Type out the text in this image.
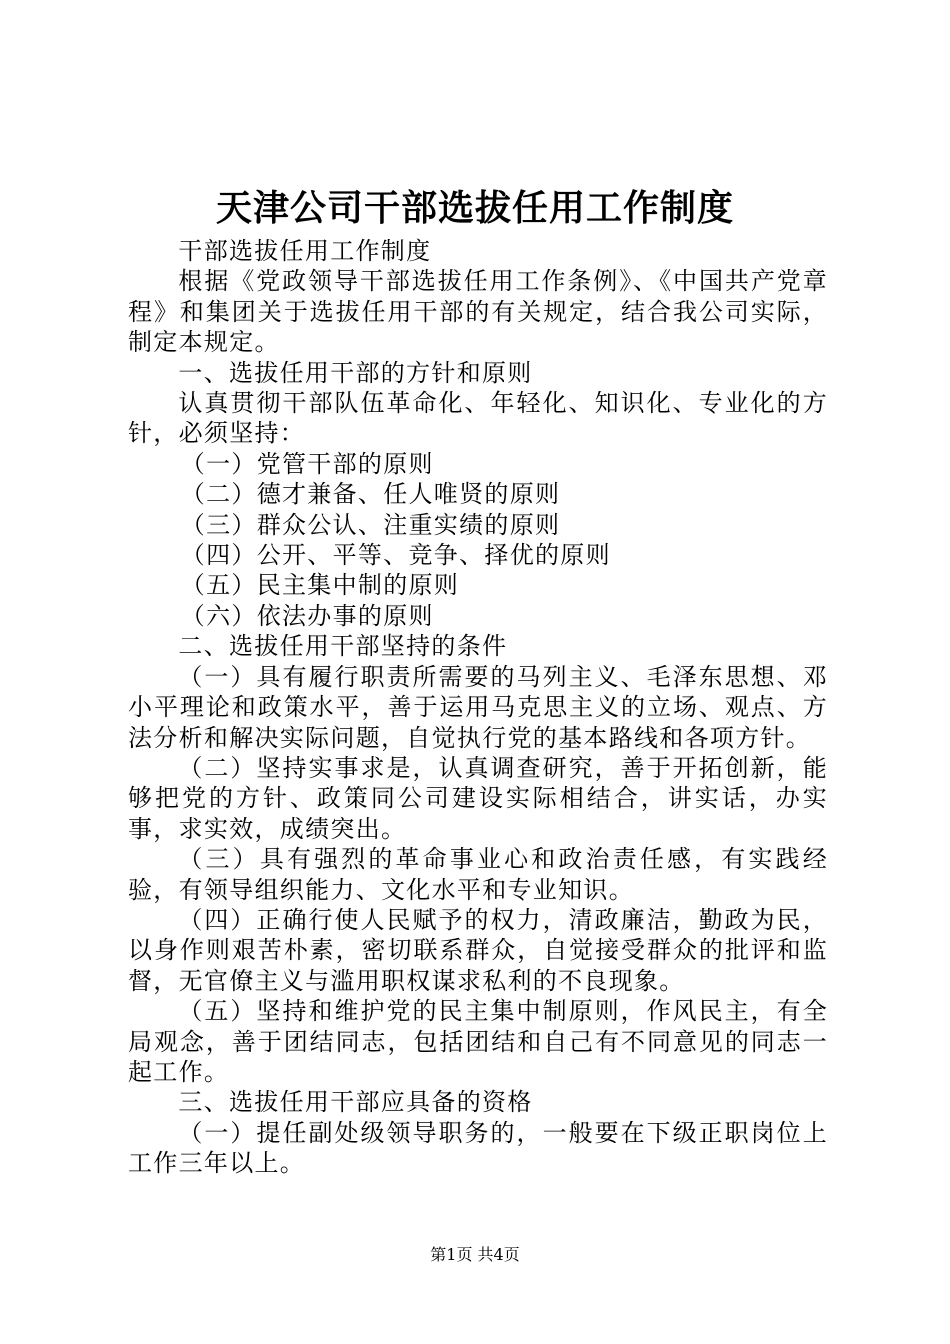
天津公司干部选拔任用工作制度

干部选拔任用工作制度

根据《党政领导干部选拔任用工作条例》、《中国共产党章程》和集团关于选拔任用干部的有关规定，结合我公司实际，制定本规定。

一、选拔任用干部的方针和原则

认真贯彻干部队伍革命化、年轻化、知识化、专业化的方针，必须坚持：

（一）党管干部的原则

（二）德才兼备、任人唯贤的原则

（三）群众公认、注重实绩的原则

（四）公开、平等、竞争、择优的原则

（五）民主集中制的原则

（六）依法办事的原则

二、选拔任用干部坚持的条件

（一）具有履行职责所需要的马列主义、毛泽东思想、邓小平理论和政策水平，善于运用马克思主义的立场、观点、方法分析和解决实际问题，自觉执行党的基本路线和各项方针。

（二）坚持实事求是，认真调查研究，善于开拓创新，能够把党的方针、政策同公司建设实际相结合，讲实话，办实事，求实效，成绩突出。

（三）具有强烈的革命事业心和政治责任感，有实践经验，有领导组织能力、文化水平和专业知识。

（四）正确行使人民赋予的权力，清政廉洁，勤政为民，以身作则艰苦朴素，密切联系群众，自觉接受群众的批评和监督，无官僚主义与滥用职权谋求私利的不良现象。

（五）坚持和维护党的民主集中制原则，作风民主，有全局观念，善于团结同志，包括团结和自己有不同意见的同志一起工作。

三、选拔任用干部应具备的资格

（一）提任副处级领导职务的，一般要在下级正职岗位上工作三年以上。

第1页 共4页
